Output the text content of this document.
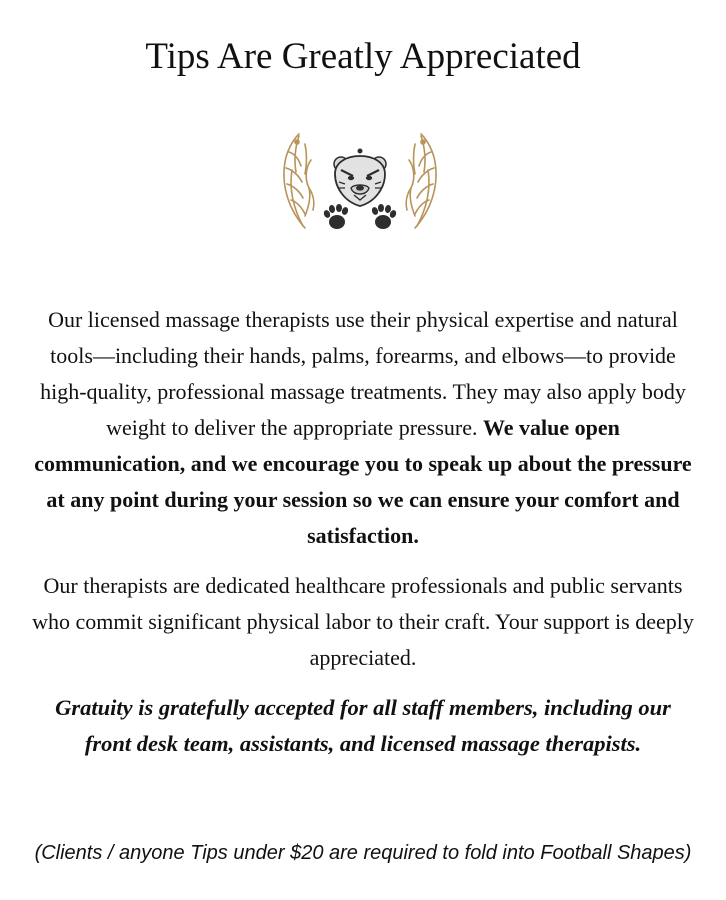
Tips Are Greatly Appreciated

Our licensed massage therapists use their physical expertise and natural tools—including their hands, palms, forearms, and elbows—to provide high-quality, professional massage treatments. They may also apply body weight to deliver the appropriate pressure. We value open communication, and we encourage you to speak up about the pressure at any point during your session so we can ensure your comfort and satisfaction.

Our therapists are dedicated healthcare professionals and public servants who commit significant physical labor to their craft. Your support is deeply appreciated.

Gratuity is gratefully accepted for all staff members, including our front desk team, assistants, and licensed massage therapists.

(Clients / anyone Tips under $20 are required to fold into Football Shapes)
